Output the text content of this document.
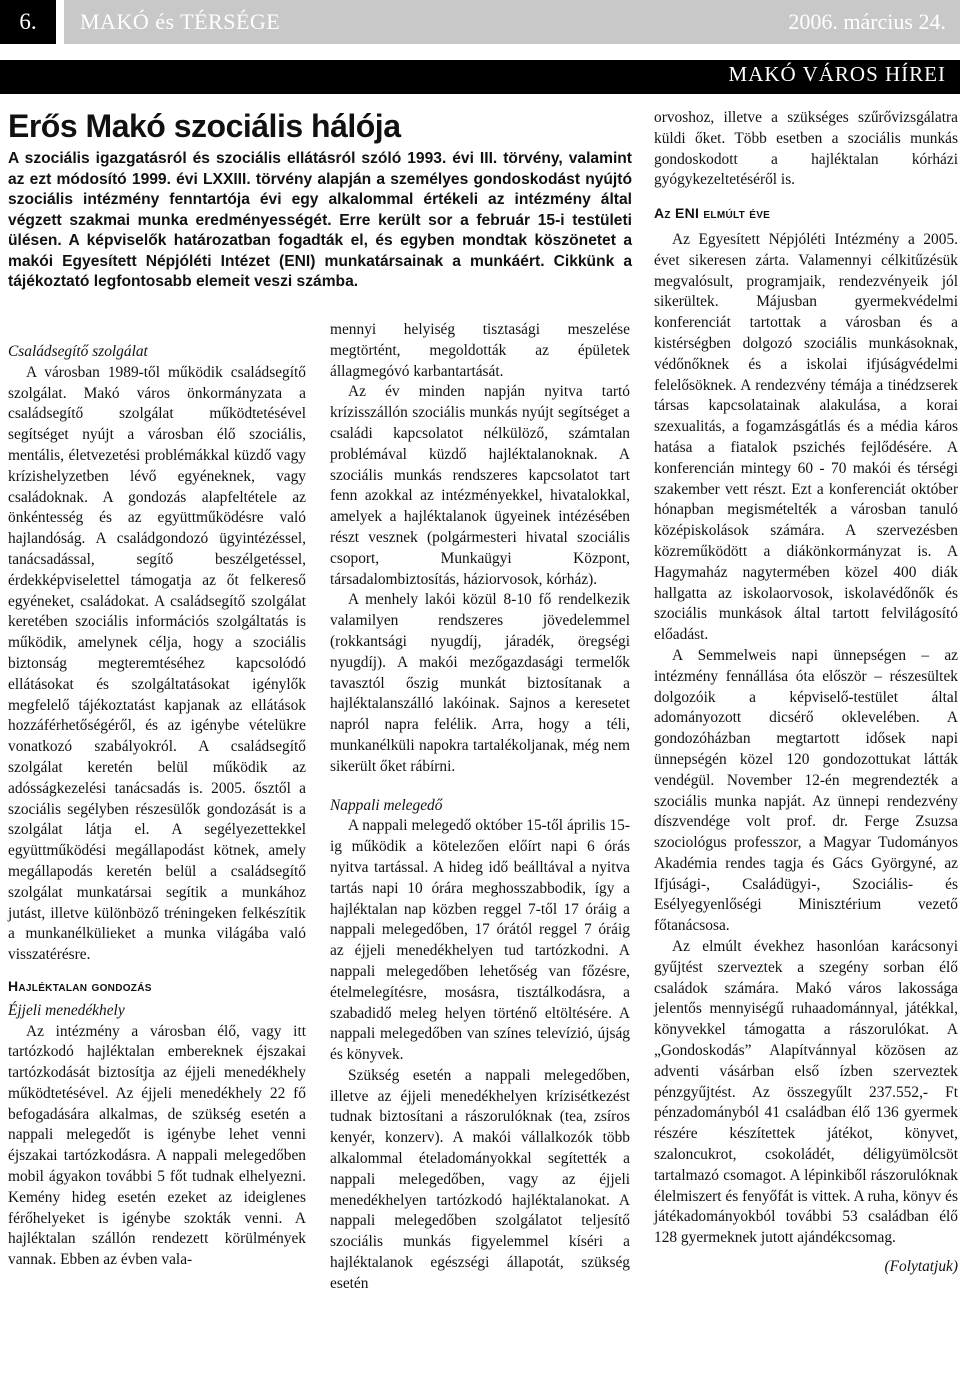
6.	MAKÓ és TÉRSÉGE	2006. március 24.
MAKÓ VÁROS HÍREI
Erős Makó szociális hálója
A szociális igazgatásról és szociális ellátásról szóló 1993. évi III. törvény, valamint az ezt módosító 1999. évi LXXIII. törvény alapján a személyes gondoskodást nyújtó szociális intézmény fenntartója évi egy alkalommal értékeli az intézmény által végzett szakmai munka eredményességét. Erre került sor a február 15-i testületi ülésen. A képviselők határozatban fogadták el, és egyben mondtak köszönetet a makói Egyesített Népjóléti Intézet (ENI) munkatársainak a munkáért. Cikkünk a tájékoztató legfontosabb elemeit veszi számba.

Családsegítő szolgálat

A városban 1989-től működik családsegítő szolgálat. Makó város önkormányzata a családsegítő szolgálat működtetésével segítséget nyújt a városban élő szociális, mentális, életvezetési problémákkal küzdő vagy krízishelyzetben lévő egyéneknek, vagy családoknak. A gondozás alapfeltétele az önkéntesség és az együttműködésre való hajlandóság. A családgondozó ügyintézéssel, tanácsadással, segítő beszélgetéssel, érdekképviselettel támogatja az őt felkereső egyéneket, családokat. A családsegítő szolgálat keretében szociális információs szolgáltatás is működik, amelynek célja, hogy a szociális biztonság megteremtéséhez kapcsolódó ellátásokat és szolgáltatásokat igénylők megfelelő tájékoztatást kapjanak az ellátások hozzáférhetőségéről, és az igénybe vételükre vonatkozó szabályokról. A családsegítő szolgálat keretén belül működik az adósságkezelési tanácsadás is. 2005. ősztől a szociális segélyben részesülők gondozását is a szolgálat látja el. A segélyezettekkel együttműködési megállapodást kötnek, amely megállapodás keretén belül a családsegítő szolgálat munkatársai segítik a munkához jutást, illetve különböző tréningeken felkészítik a munkanélkülieket a munka világába való visszatérésre.

Hajléktalan gondozás

Éjjeli menedékhely

Az intézmény a városban élő, vagy itt tartózkodó hajléktalan embereknek éjszakai tartózkodását biztosítja az éjjeli menedékhely működtetésével. Az éjjeli menedékhely 22 fő befogadására alkalmas, de szükség esetén a nappali melegedőt is igénybe lehet venni éjszakai tartózkodásra. A nappali melegedőben mobil ágyakon további 5 főt tudnak elhelyezni. Kemény hideg esetén ezeket az ideiglenes férőhelyeket is igénybe szokták venni. A hajléktalan szállón rendezett körülmények vannak. Ebben az évben vala-

mennyi helyiség tisztasági meszelése megtörtént, megoldották az épületek állagmegóvó karbantartását.

Az év minden napján nyitva tartó krízisszállón szociális munkás nyújt segítséget a családi kapcsolatot nélkülöző, számtalan problémával küzdő hajléktalanoknak. A szociális munkás rendszeres kapcsolatot tart fenn azokkal az intézményekkel, hivatalokkal, amelyek a hajléktalanok ügyeinek intézésében részt vesznek (polgármesteri hivatal szociális csoport, Munkaügyi Központ, társadalombiztosítás, háziorvosok, kórház).

A menhely lakói közül 8-10 fő rendelkezik valamilyen rendszeres jövedelemmel (rokkantsági nyugdíj, járadék, öregségi nyugdíj). A makói mezőgazdasági termelők tavasztól őszig munkát biztosítanak a hajléktalanszálló lakóinak. Sajnos a keresetet napról napra felélik. Arra, hogy a téli, munkanélküli napokra tartalékoljanak, még nem sikerült őket rábírni.

Nappali melegedő

A nappali melegedő október 15-től április 15-ig működik a kötelezően előírt napi 6 órás nyitva tartással. A hideg idő beálltával a nyitva tartás napi 10 órára meghosszabbodik, így a hajléktalan nap közben reggel 7-től 17 óráig a nappali melegedőben, 17 órától reggel 7 óráig az éjjeli menedékhelyen tud tartózkodni. A nappali melegedőben lehetőség van főzésre, ételmelegítésre, mosásra, tisztálkodásra, a szabadidő meleg helyen történő eltöltésére. A nappali melegedőben van színes televízió, újság és könyvek.

Szükség esetén a nappali melegedőben, illetve az éjjeli menedékhelyen krízisétkezést tudnak biztosítani a rászorulóknak (tea, zsíros kenyér, konzerv). A makói vállalkozók több alkalommal ételadományokkal segítették a nappali melegedőben, vagy az éjjeli menedékhelyen tartózkodó hajléktalanokat. A nappali melegedőben szolgálatot teljesítő szociális munkás figyelemmel kíséri a hajléktalanok egészségi állapotát, szükség esetén

orvoshoz, illetve a szükséges szűrővizsgálatra küldi őket. Több esetben a szociális munkás gondoskodott a hajléktalan kórházi gyógykezeltetéséről is.

Az ENI elmúlt éve

Az Egyesített Népjóléti Intézmény a 2005. évet sikeresen zárta. Valamennyi célkitűzésük megvalósult, programjaik, rendezvényeik jól sikerültek. Májusban gyermekvédelmi konferenciát tartottak a városban és a kistérségben dolgozó szociális munkásoknak, védőnőknek és a iskolai ifjúságvédelmi felelősöknek. A rendezvény témája a tinédzserek társas kapcsolatainak alakulása, a korai szexualitás, a fogamzásgátlás és a média káros hatása a fiatalok pszichés fejlődésére. A konferencián mintegy 60 - 70 makói és térségi szakember vett részt. Ezt a konferenciát október hónapban megismételték a városban tanuló középiskolások számára. A szervezésben közreműködött a diákönkormányzat is. A Hagymaház nagytermében közel 400 diák hallgatta az iskolaorvosok, iskolavédőnők és szociális munkások által tartott felvilágosító előadást.

A Semmelweis napi ünnepségen – az intézmény fennállása óta először – részesültek dolgozóik a képviselő-testület által adományozott dicsérő oklevelében. A gondozóházban megtartott idősek napi ünnepségén közel 120 gondozottukat látták vendégül. November 12-én megrendezték a szociális munka napját. Az ünnepi rendezvény díszvendége volt prof. dr. Ferge Zsuzsa szociológus professzor, a Magyar Tudományos Akadémia rendes tagja és Gács Györgyné, az Ifjúsági-, Családügyi-, Szociális- és Esélyegyenlőségi Minisztérium vezető főtanácsosa.

Az elmúlt évekhez hasonlóan karácsonyi gyűjtést szerveztek a szegény sorban élő családok számára. Makó város lakossága jelentős mennyiségű ruhaadománnyal, játékkal, könyvekkel támogatta a rászorulókat. A „Gondoskodás” Alapítvánnyal közösen az adventi vásárban első ízben szerveztek pénzgyűjtést. Az összegyűlt 237.552,- Ft pénzadományból 41 családban élő 136 gyermek részére készítettek játékot, könyvet, szaloncukrot, csokoládét, déligyümölcsöt tartalmazó csomagot. A lépinkiből rászorulóknak élelmiszert és fenyőfát is vittek. A ruha, könyv és játékadományokból további 53 családban élő 128 gyermeknek jutott ajándékcsomag.

(Folytatjuk)
